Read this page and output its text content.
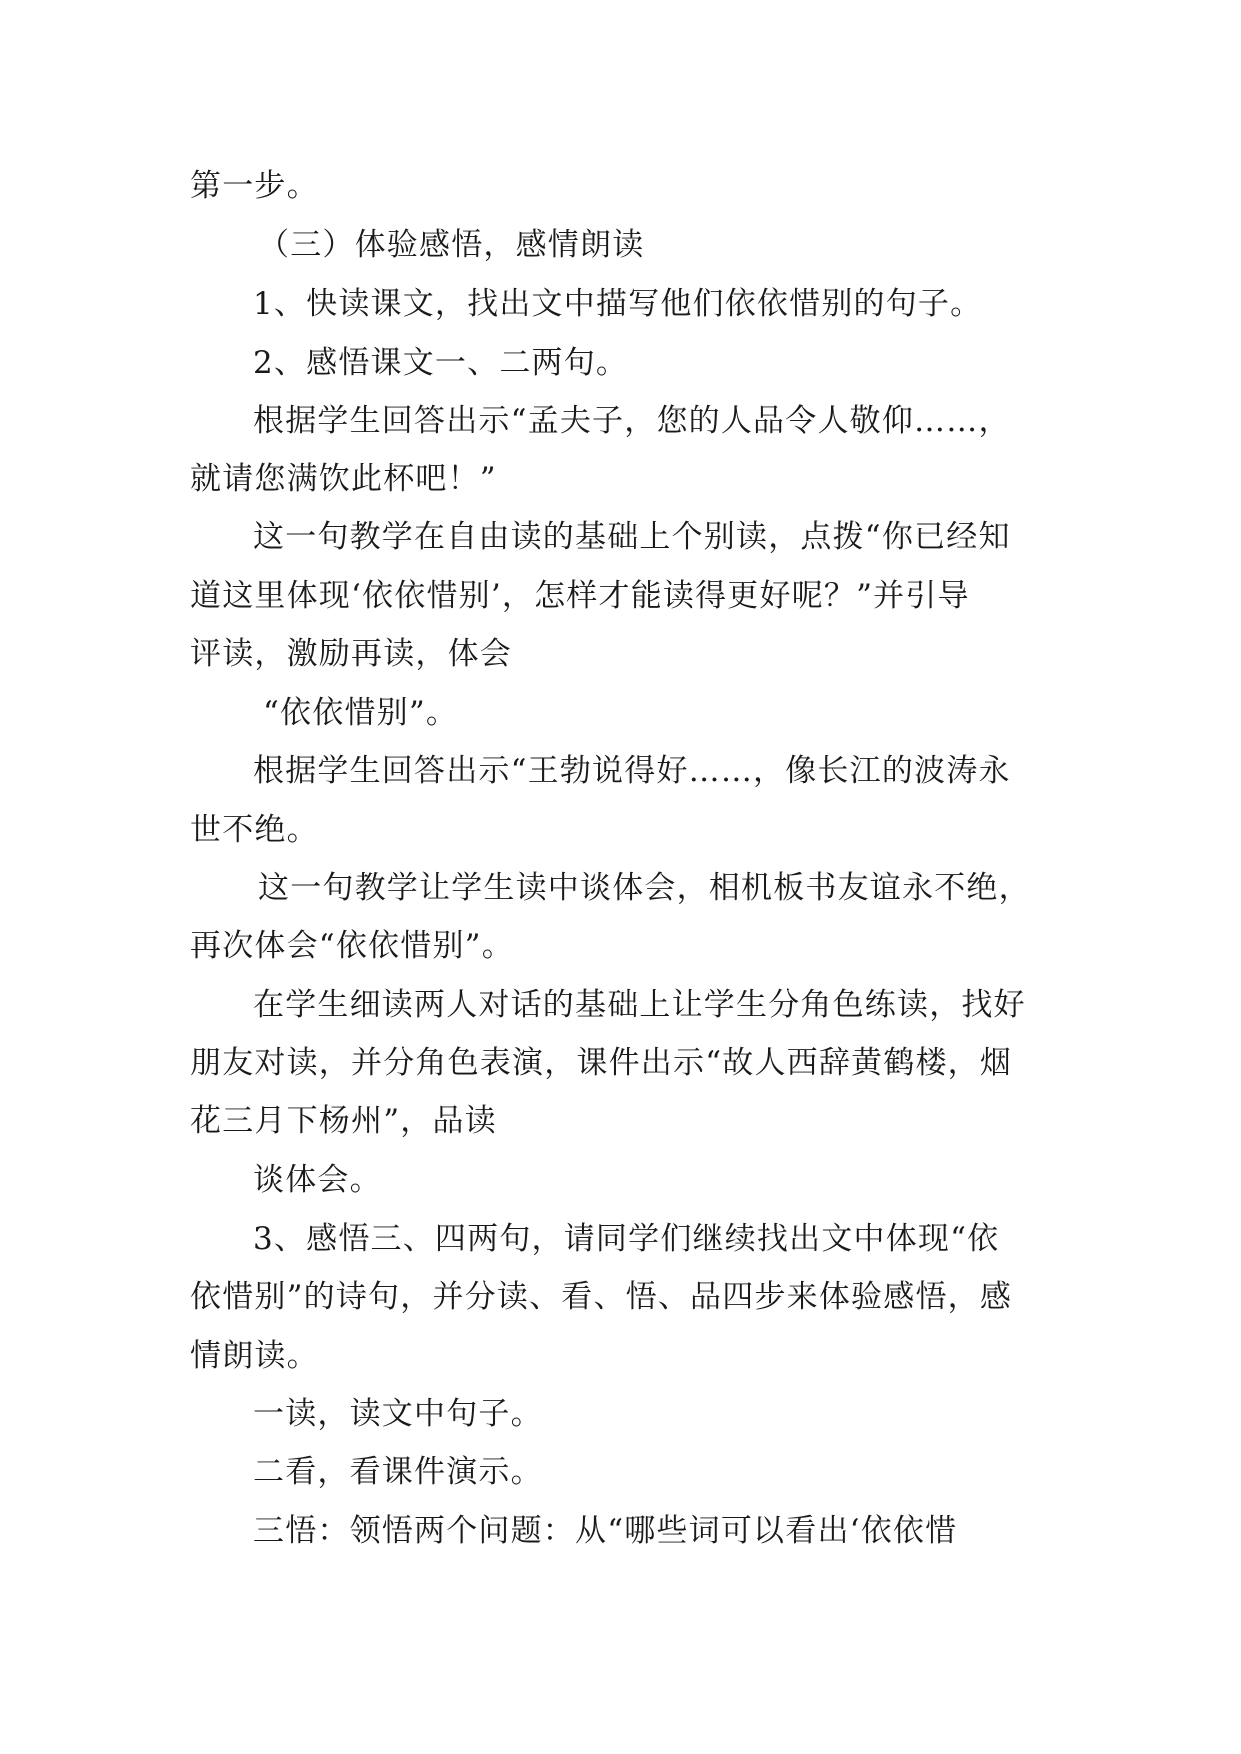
第一步。
（三）体验感悟，感情朗读
1、快读课文，找出文中描写他们依依惜别的句子。
2、感悟课文一、二两句。
根据学生回答出示“孟夫子，您的人品令人敬仰……，
就请您满饮此杯吧！”
这一句教学在自由读的基础上个别读，点拨“你已经知
道这里体现‘依依惜别’，怎样才能读得更好呢？”并引导
评读，激励再读，体会
“依依惜别”。
根据学生回答出示“王勃说得好……，像长江的波涛永
世不绝。
这一句教学让学生读中谈体会，相机板书友谊永不绝，
再次体会“依依惜别”。
在学生细读两人对话的基础上让学生分角色练读，找好
朋友对读，并分角色表演，课件出示“故人西辞黄鹤楼，烟
花三月下杨州”，品读
谈体会。
3、感悟三、四两句，请同学们继续找出文中体现“依
依惜别”的诗句，并分读、看、悟、品四步来体验感悟，感
情朗读。
一读，读文中句子。
二看，看课件演示。
三悟：领悟两个问题：从“哪些词可以看出‘依依惜
